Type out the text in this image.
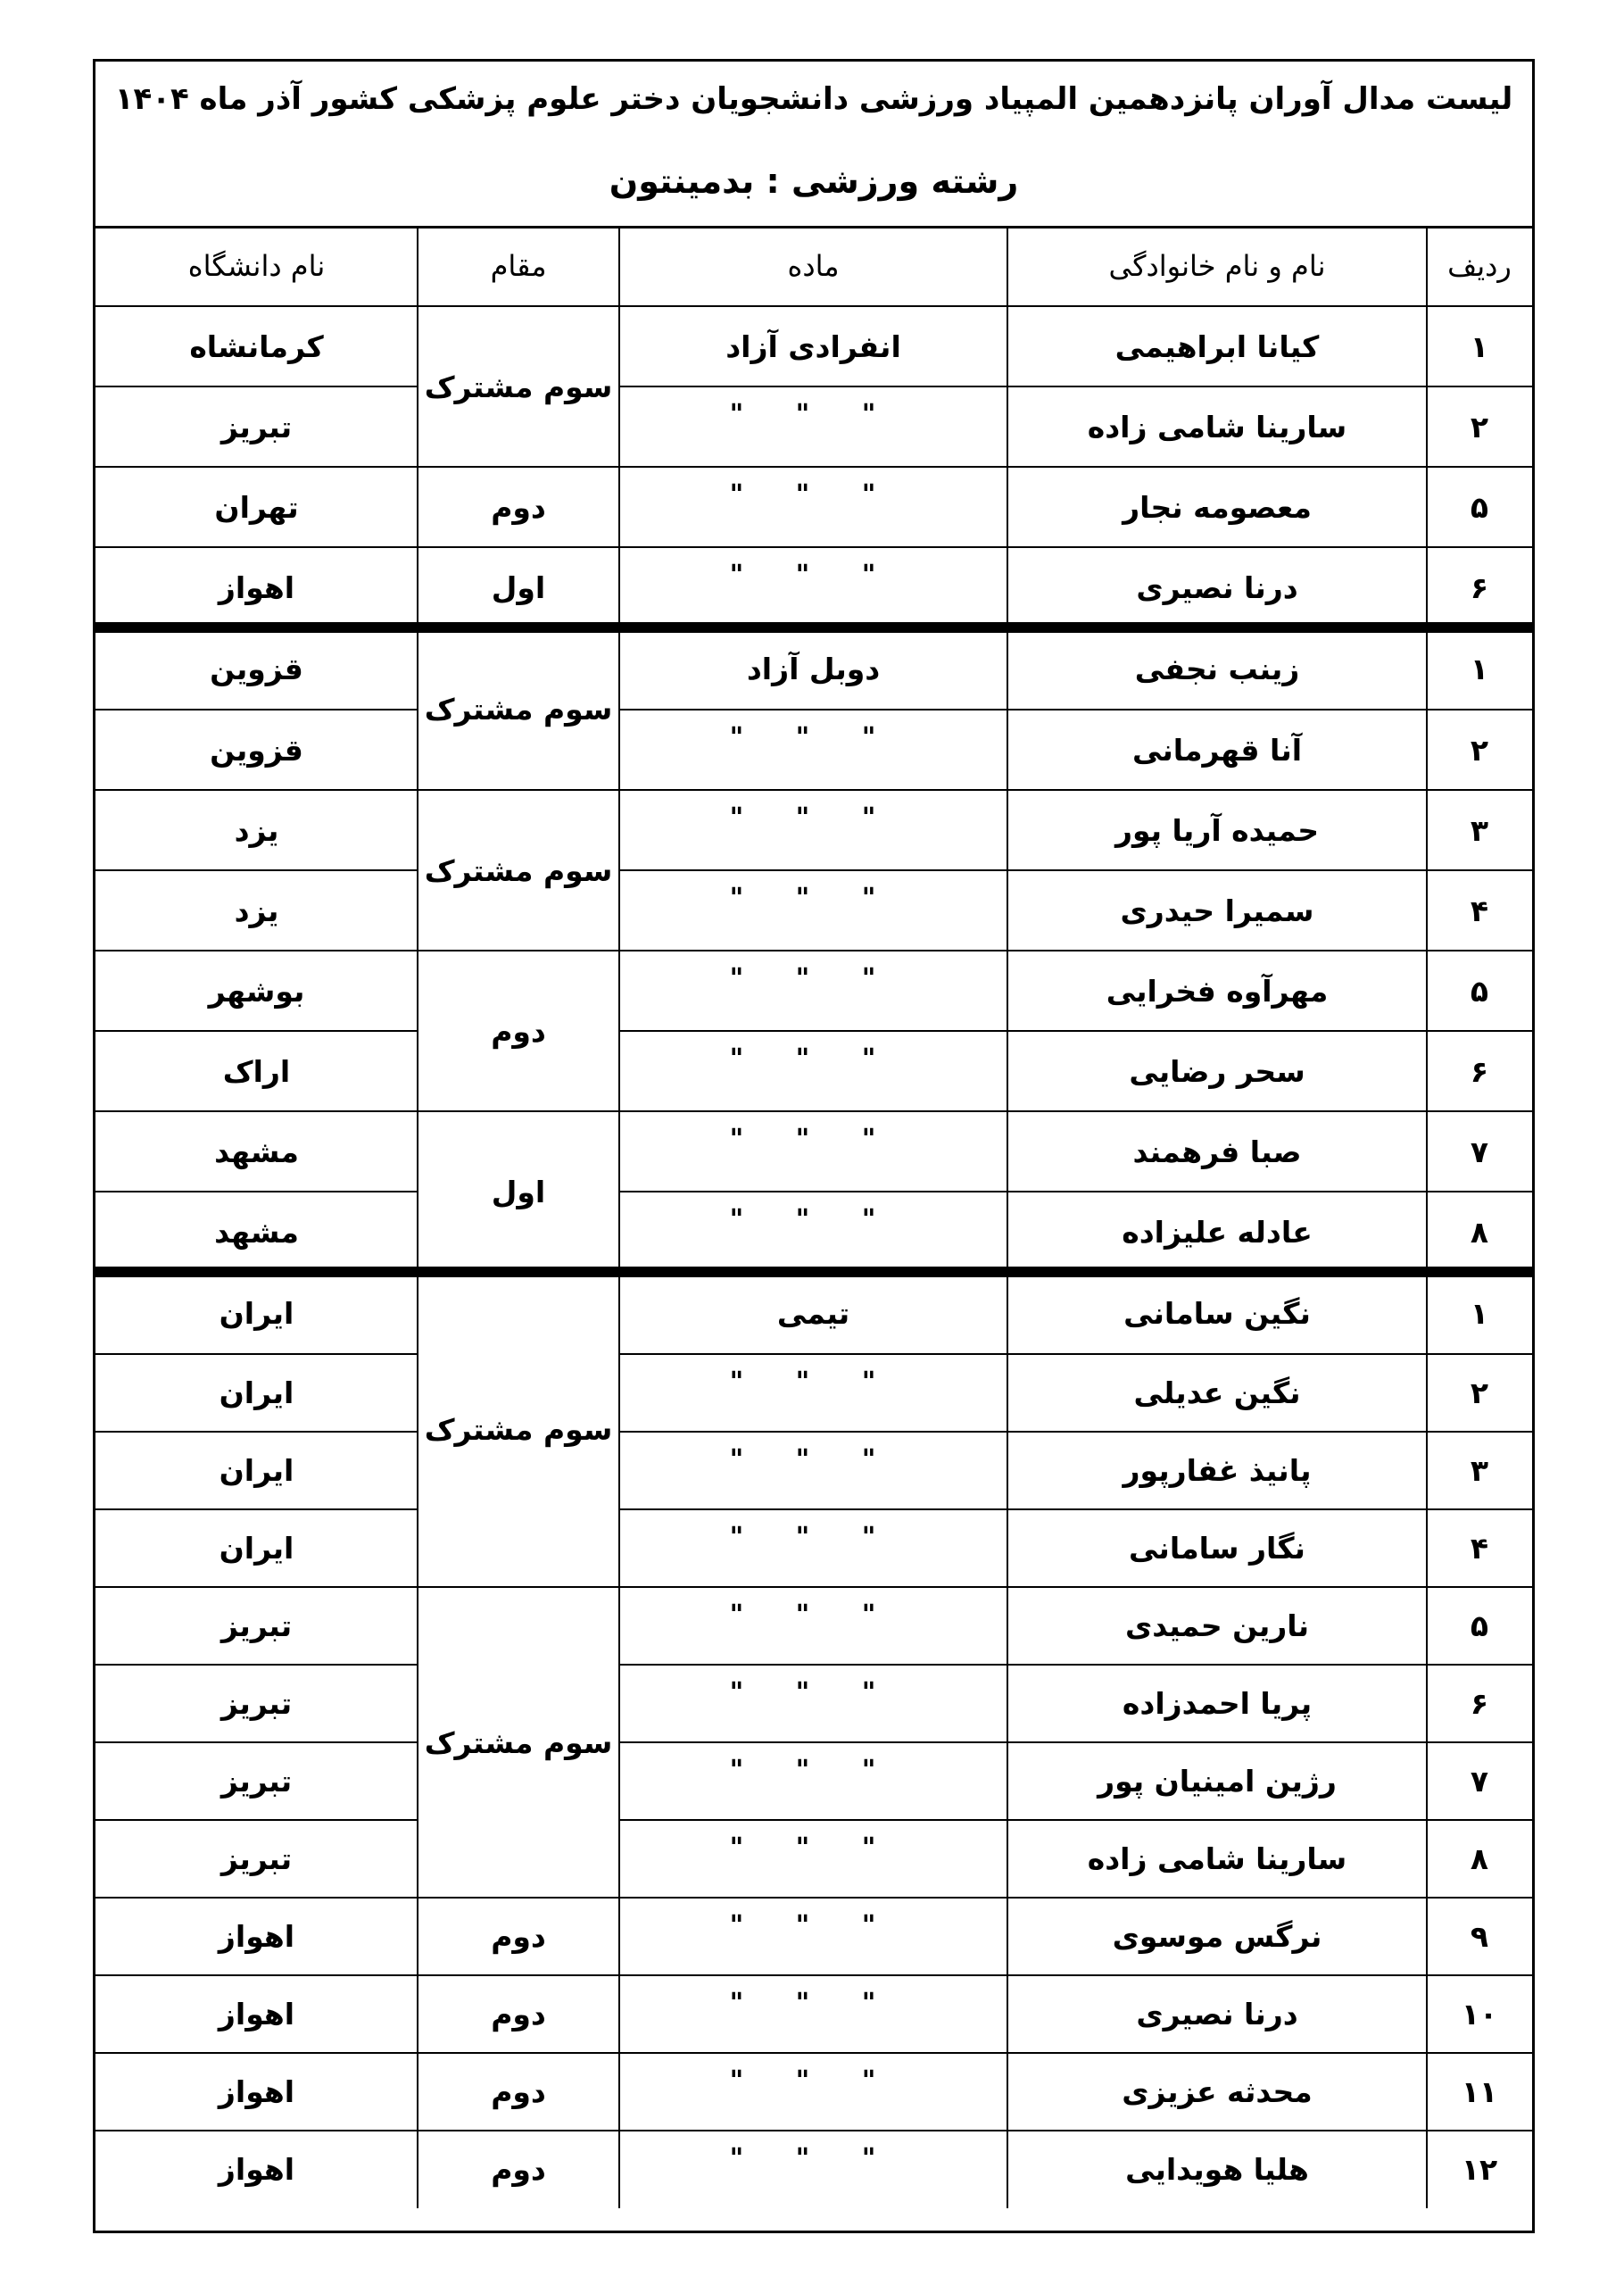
لیست مدال آوران پانزدهمین المپیاد ورزشی دانشجویان دختر علوم پزشکی کشور آذر ماه ۱۴۰۴
رشته ورزشی : بدمینتون
ردیف
نام و نام خانوادگی
ماده
مقام
نام دانشگاه
۱
کیانا ابراهیمی
انفرادی آزاد
کرمانشاه
۲
سارینا شامی زاده
" " "
تبریز
۵
معصومه نجار
" " "
تهران
۶
درنا نصیری
" " "
اهواز
۱
زینب نجفی
دوبل آزاد
قزوین
۲
آنا قهرمانی
" " "
قزوین
۳
حمیده آریا پور
" " "
یزد
۴
سمیرا حیدری
" " "
یزد
۵
مهرآوه فخرایی
" " "
بوشهر
۶
سحر رضایی
" " "
اراک
۷
صبا فرهمند
" " "
مشهد
۸
عادله علیزاده
" " "
مشهد
۱
نگین سامانی
تیمی
ایران
۲
نگین عدیلی
" " "
ایران
۳
پانیذ غفارپور
" " "
ایران
۴
نگار سامانی
" " "
ایران
۵
نارین حمیدی
" " "
تبریز
۶
پریا احمدزاده
" " "
تبریز
۷
رژین امینیان پور
" " "
تبریز
۸
سارینا شامی زاده
" " "
تبریز
۹
نرگس موسوی
" " "
اهواز
۱۰
درنا نصیری
" " "
اهواز
۱۱
محدثه عزیزی
" " "
اهواز
۱۲
هلیا هویدایی
" " "
اهواز
سوم مشترک
دوم
اول
سوم مشترک
سوم مشترک
دوم
اول
سوم مشترک
سوم مشترک
دوم
دوم
دوم
دوم
